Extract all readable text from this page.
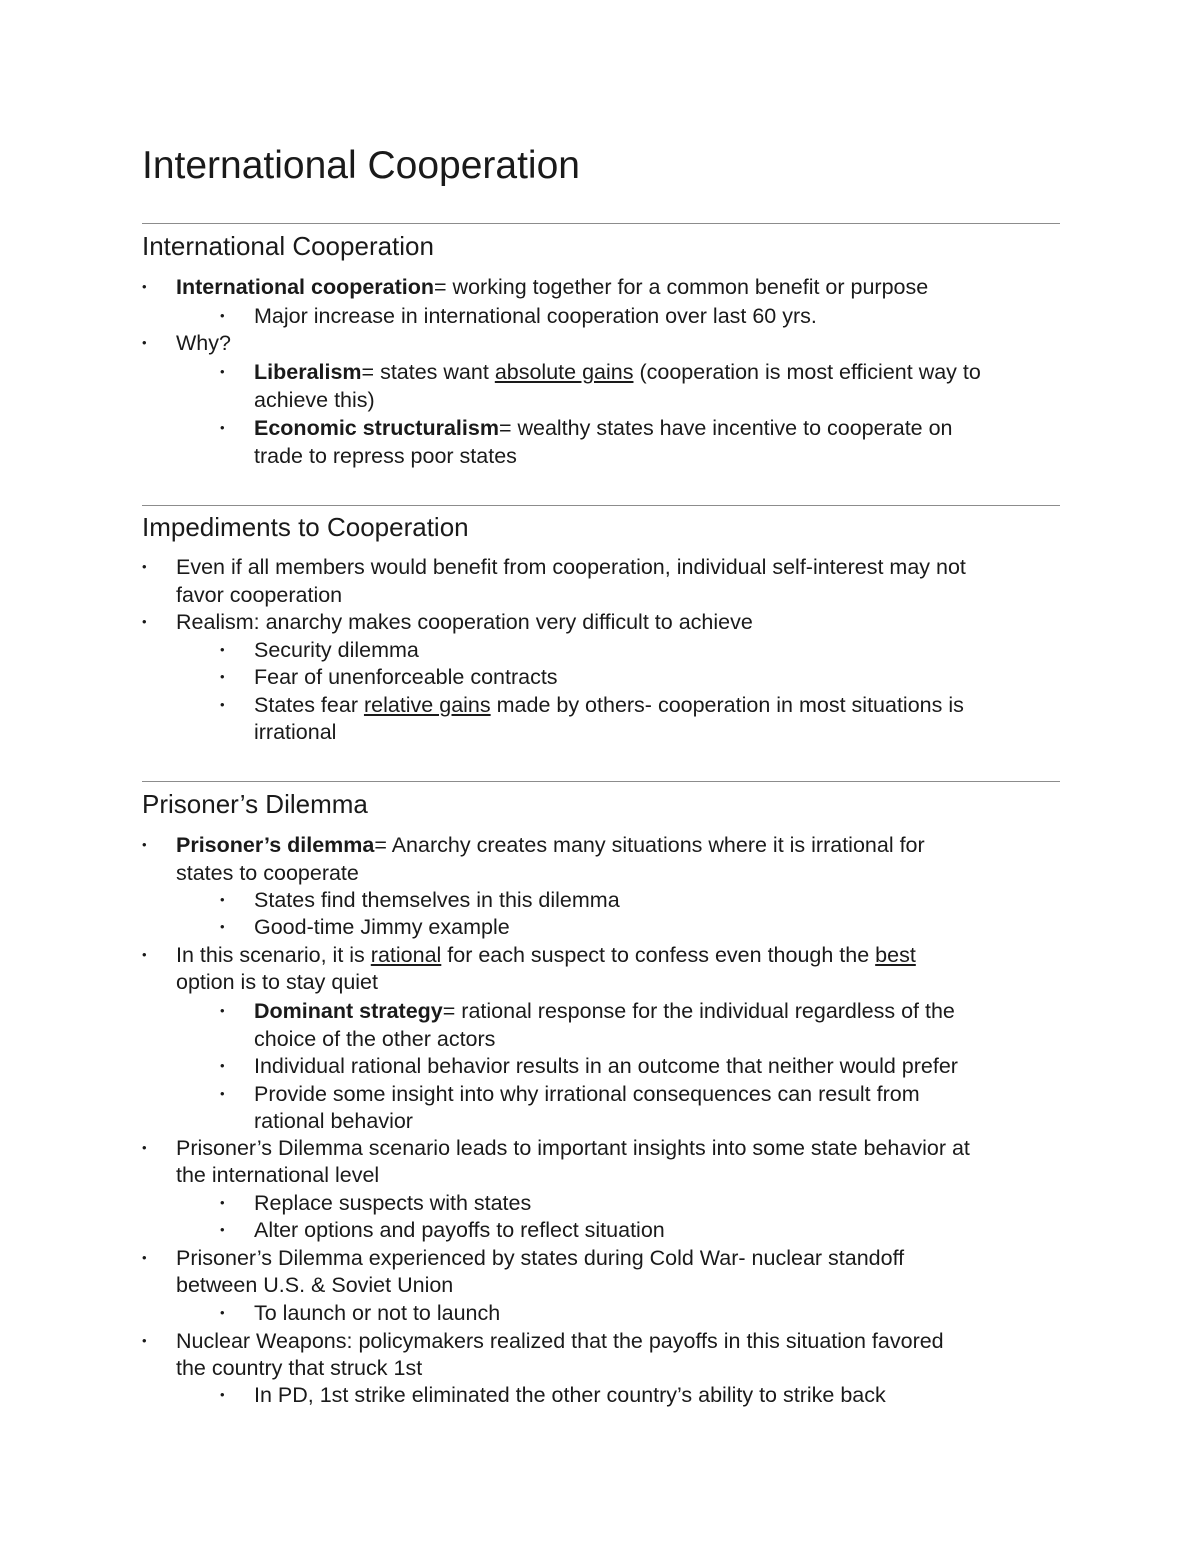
International Cooperation
International Cooperation
• International cooperation= working together for a common benefit or purpose
• Major increase in international cooperation over last 60 yrs.
• Why?
• Liberalism= states want absolute gains (cooperation is most efficient way to
achieve this)
• Economic structuralism= wealthy states have incentive to cooperate on
trade to repress poor states
Impediments to Cooperation
• Even if all members would benefit from cooperation, individual self-interest may not
favor cooperation
• Realism: anarchy makes cooperation very difficult to achieve
• Security dilemma
• Fear of unenforceable contracts
• States fear relative gains made by others- cooperation in most situations is
irrational
Prisoner’s Dilemma
• Prisoner’s dilemma= Anarchy creates many situations where it is irrational for
states to cooperate
• States find themselves in this dilemma
• Good-time Jimmy example
• In this scenario, it is rational for each suspect to confess even though the best
option is to stay quiet
• Dominant strategy= rational response for the individual regardless of the
choice of the other actors
• Individual rational behavior results in an outcome that neither would prefer
• Provide some insight into why irrational consequences can result from
rational behavior
• Prisoner’s Dilemma scenario leads to important insights into some state behavior at
the international level
• Replace suspects with states
• Alter options and payoffs to reflect situation
• Prisoner’s Dilemma experienced by states during Cold War- nuclear standoff
between U.S. & Soviet Union
• To launch or not to launch
• Nuclear Weapons: policymakers realized that the payoffs in this situation favored
the country that struck 1st
• In PD, 1st strike eliminated the other country’s ability to strike back
